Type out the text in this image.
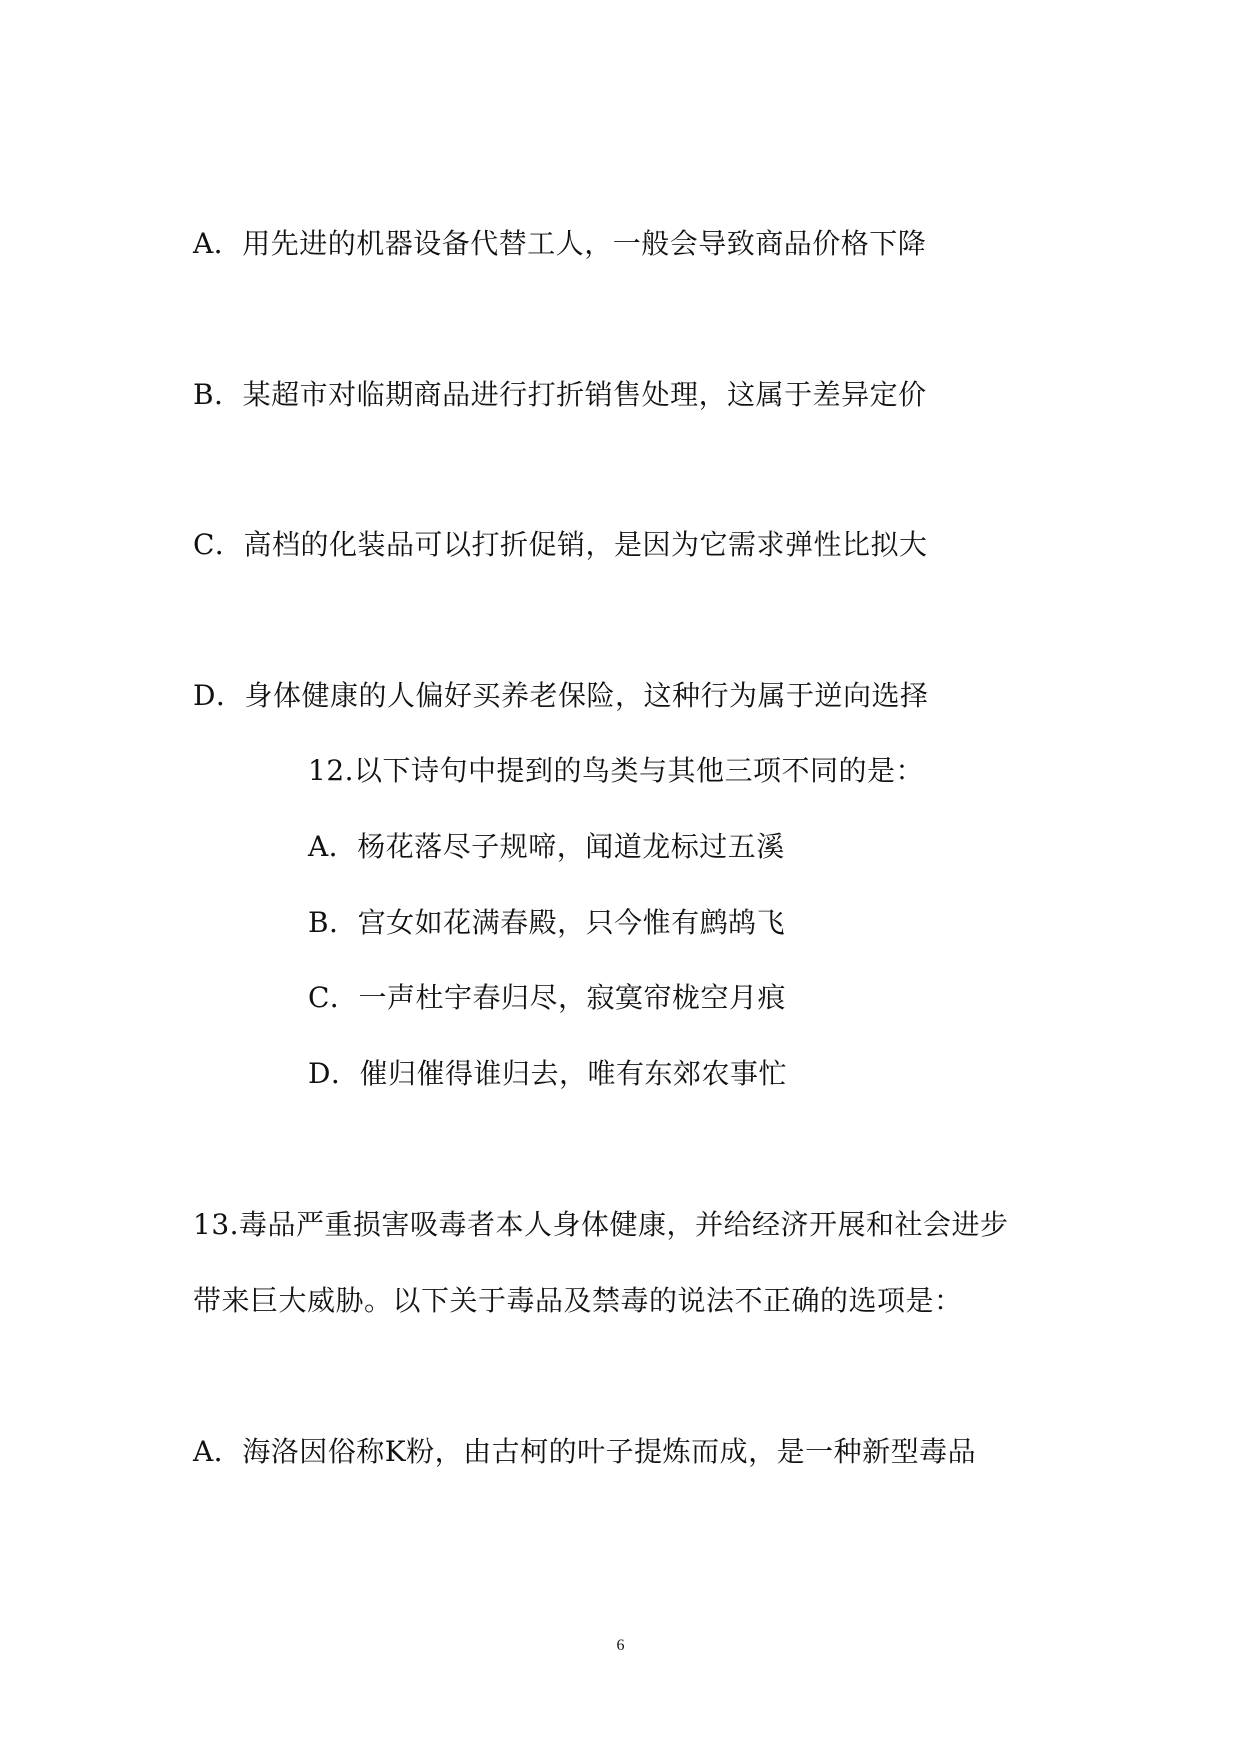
A．用先进的机器设备代替工人，一般会导致商品价格下降
B．某超市对临期商品进行打折销售处理，这属于差异定价
C．高档的化装品可以打折促销，是因为它需求弹性比拟大
D．身体健康的人偏好买养老保险，这种行为属于逆向选择
12.以下诗句中提到的鸟类与其他三项不同的是：
A．杨花落尽子规啼，闻道龙标过五溪
B．宫女如花满春殿，只今惟有鹧鸪飞
C．一声杜宇春归尽，寂寞帘栊空月痕
D．催归催得谁归去，唯有东郊农事忙
13.毒品严重损害吸毒者本人身体健康，并给经济开展和社会进步
带来巨大威胁。以下关于毒品及禁毒的说法不正确的选项是：
A．海洛因俗称K粉，由古柯的叶子提炼而成，是一种新型毒品
6
